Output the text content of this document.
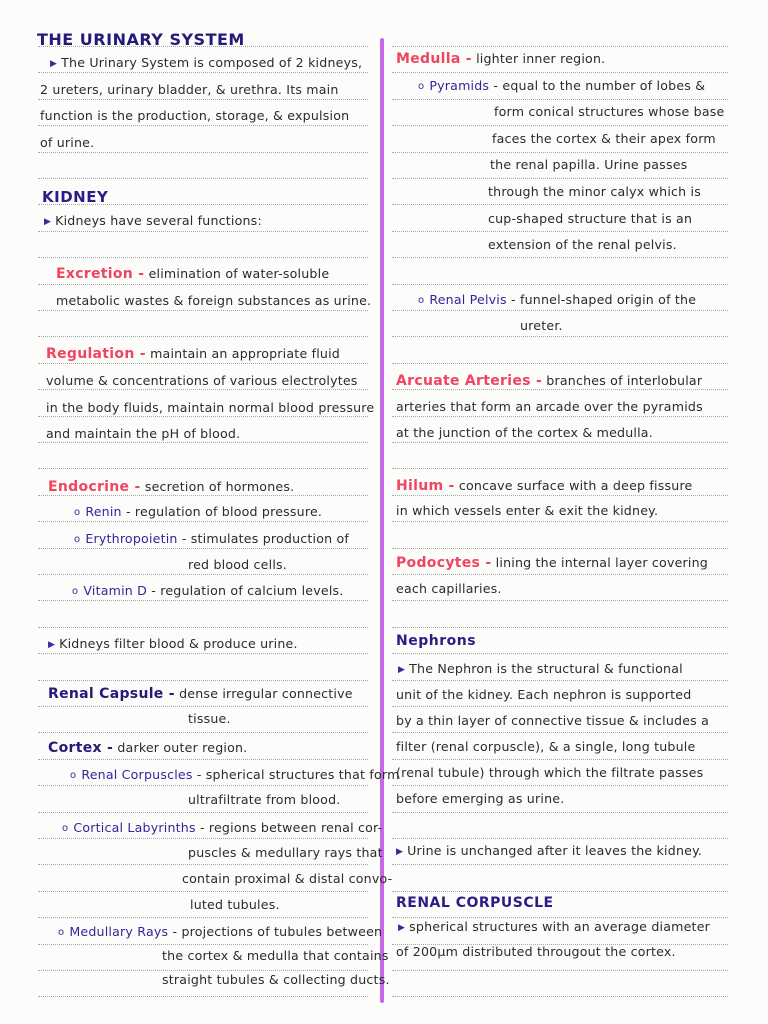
THE URINARY SYSTEM
▶ The Urinary System is composed of 2 kidneys,
2 ureters, urinary bladder, & urethra. Its main
function is the production, storage, & expulsion
of urine.
KIDNEY
▶ Kidneys have several functions:
Excretion - elimination of water-soluble
metabolic wastes & foreign substances as urine.
Regulation - maintain an appropriate fluid
volume & concentrations of various electrolytes
in the body fluids, maintain normal blood pressure
and maintain the pH of blood.
Endocrine - secretion of hormones.
o Renin - regulation of blood pressure.
o Erythropoietin - stimulates production of
red blood cells.
o Vitamin D - regulation of calcium levels.
▶ Kidneys filter blood & produce urine.
Renal Capsule - dense irregular connective
tissue.
Cortex - darker outer region.
o Renal Corpuscles - spherical structures that form
ultrafiltrate from blood.
o Cortical Labyrinths - regions between renal cor-
puscles & medullary rays that
contain proximal & distal convo-
luted tubules.
o Medullary Rays - projections of tubules between
the cortex & medulla that contains
straight tubules & collecting ducts.
Medulla - lighter inner region.
o Pyramids - equal to the number of lobes &
form conical structures whose base
faces the cortex & their apex form
the renal papilla. Urine passes
through the minor calyx which is
cup-shaped structure that is an
extension of the renal pelvis.
o Renal Pelvis - funnel-shaped origin of the
ureter.
Arcuate Arteries - branches of interlobular
arteries that form an arcade over the pyramids
at the junction of the cortex & medulla.
Hilum - concave surface with a deep fissure
in which vessels enter & exit the kidney.
Podocytes - lining the internal layer covering
each capillaries.
Nephrons
▶ The Nephron is the structural & functional
unit of the kidney. Each nephron is supported
by a thin layer of connective tissue & includes a
filter (renal corpuscle), & a single, long tubule
(renal tubule) through which the filtrate passes
before emerging as urine.
▶ Urine is unchanged after it leaves the kidney.
RENAL CORPUSCLE
▶ spherical structures with an average diameter
of 200μm distributed througout the cortex.
